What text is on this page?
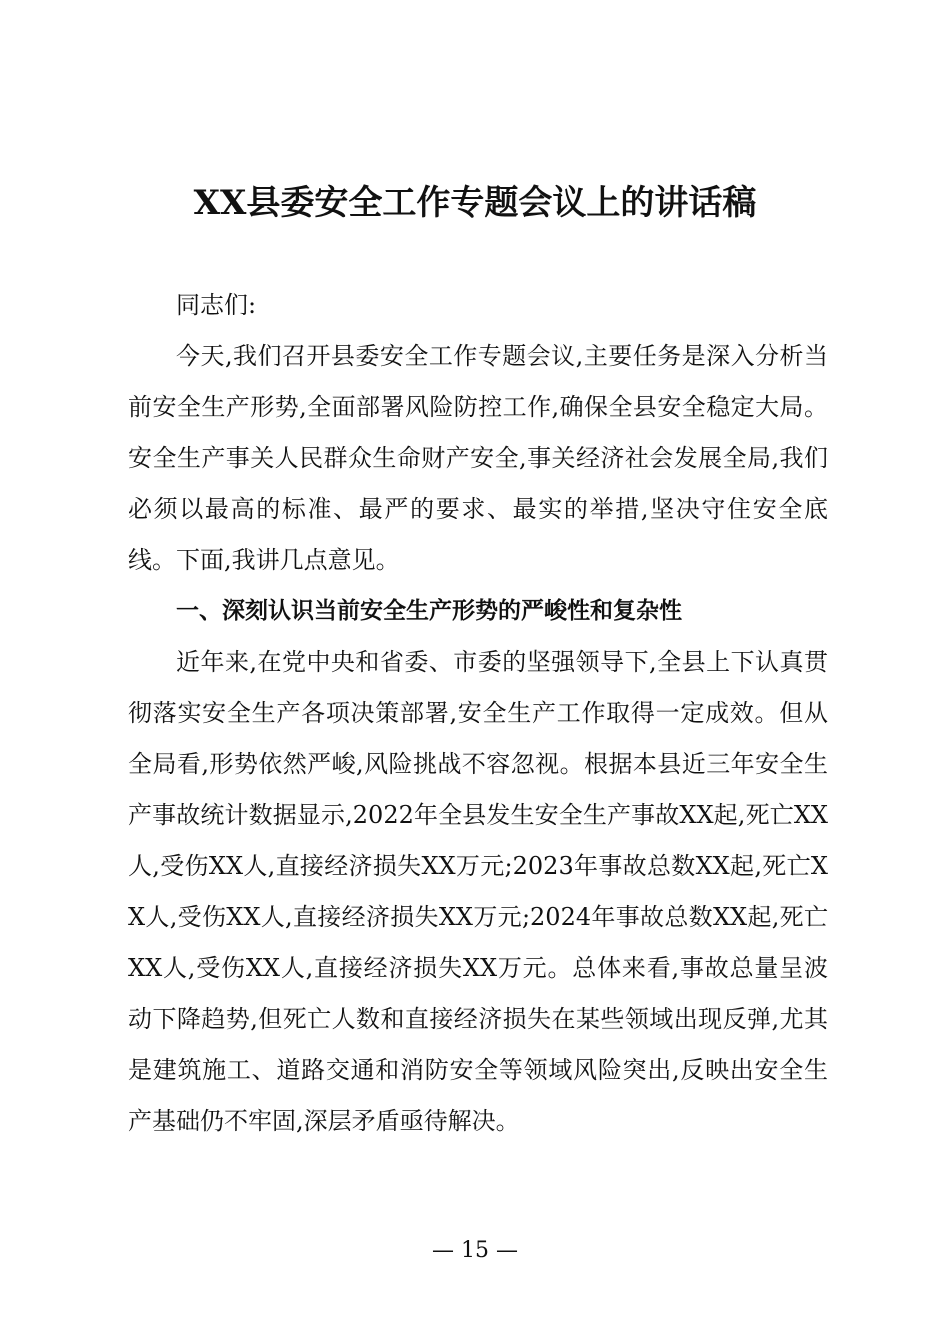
XX县委安全工作专题会议上的讲话稿

同志们:

今天,我们召开县委安全工作专题会议,主要任务是深入分析当前安全生产形势,全面部署风险防控工作,确保全县安全稳定大局。安全生产事关人民群众生命财产安全,事关经济社会发展全局,我们必须以最高的标准、最严的要求、最实的举措,坚决守住安全底线。下面,我讲几点意见。

一、深刻认识当前安全生产形势的严峻性和复杂性

近年来,在党中央和省委、市委的坚强领导下,全县上下认真贯彻落实安全生产各项决策部署,安全生产工作取得一定成效。但从全局看,形势依然严峻,风险挑战不容忽视。根据本县近三年安全生产事故统计数据显示,2022年全县发生安全生产事故XX起,死亡XX人,受伤XX人,直接经济损失XX万元;2023年事故总数XX起,死亡XX人,受伤XX人,直接经济损失XX万元;2024年事故总数XX起,死亡XX人,受伤XX人,直接经济损失XX万元。总体来看,事故总量呈波动下降趋势,但死亡人数和直接经济损失在某些领域出现反弹,尤其是建筑施工、道路交通和消防安全等领域风险突出,反映出安全生产基础仍不牢固,深层矛盾亟待解决。

— 15 —
